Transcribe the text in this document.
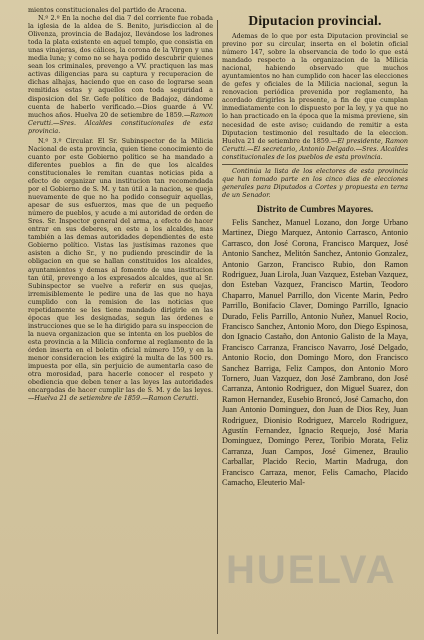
mientos constitucionales del partido de Aracena.

N.º 2.º En la noche del dia 7 del corriente fue robada la iglesia de la aldea de S. Benito, jurisdiccion al de Olivenza, provincia de Badajoz, llevándose los ladrones toda la plata existente en aquel templo, que consistia en unas vinajeras, dos cálices, la corona de la Virgen y una media luna; y como no se haya podido descubrir quienes sean los criminales, prevengo a VV. practiquen las mas activas diligencias para su captura y recuperacion de dichas alhajas, haciendo que en caso de lograrse sean remitidas estas y aquellos con toda seguridad a disposicion del Sr. Gefe político de Badajoz, dándome cuenta de haberlo verificado.—Dios guarde á VV. muchos años. Huelva 20 de setiembre de 1859.—Ramon Cerutti.—Sres. Alcaldes constitucionales de esta provincia.

N.º 3.º Circular. El Sr. Subinspector de la Milicia Nacional de esta provincia, quien tiene conocimiento de cuanto por este Gobierno político se ha mandado a diferentes pueblos a fin de que los alcaldes constitucionales le remitan cuantas noticias pida a efecto de organizar una institucion tan recomendada por el Gobierno de S. M. y tan útil a la nacion, se queja nuevamente de que no ha podido conseguir aquellas, apesar de sus esfuerzos, mas que de un pequeño número de pueblos, y acude a mi autoridad de orden de Sres. Sr. Inspector general del arma, a efecto de hacer entrar en sus deberes, en este a los alcaldes, mas también a las demas autoridades dependientes de este Gobierno político. Vistas las justísimas razones que asisten a dicho Sr., y no pudiendo prescindir de la obligacion en que se hallan constituidos los alcaldes, ayuntamientos y demas al fomento de una institucion tan útil, prevengo a los expresados alcaldes, que al Sr. Subinspector se vuelve a referir en sus quejas, irremisiblemente le pedire una de las que no haya cumplido con la remision de las noticias que repetidamente se les tiene mandado dirigirle en las épocas que les designadas, segun las órdenes e instrucciones que se le ha dirigido para su inspeccion de la nueva organizacion que se intenta en los pueblos de esta provincia a la Milicia conforme al reglamento de la órden inserta en el boletin oficial número 159, y en la menor consideracion les exigiré la multa de las 500 rs. impuesta por ella, sin perjuicio de aumentarla caso de otra morosidad, para hacerle conocer el respeto y obediencia que deben tener a las leyes las autoridades encargadas de hacer cumplir las de S. M. y de las leyes.—Huelva 21 de setiembre de 1859.—Ramon Cerutti.

Diputacion provincial.

Ademas de lo que por esta Diputacion provincial se previno por su circular, inserta en el boletin oficial número 147, sobre la observancia de todo lo que está mandado respecto a la organizacion de la Milicia nacional, habiendo observado que muchos ayuntamientos no han cumplido con hacer las elecciones de gefes y oficiales de la Milicia nacional, segun la renovacion periódica prevenida por reglamento, ha acordado dirigirles la presente, a fin de que cumplan inmediatamente con lo dispuesto por la ley, y ya que no lo han practicado en la época que la misma previene, sin necesidad de este aviso; cuidando de remitir a esta Diputacion testimonio del resultado de la eleccion. Huelva 21 de setiembre de 1859.—El presidente, Ramon Cerutti.—El secretario, Antonio Delgado.—Sres. Alcaldes constitucionales de los pueblos de esta provincia.

Continúa la lista de los electores de esta provincia que han tomado parte en los cinco dias de elecciones generales para Diputados a Cortes y propuesta en terna de un Senador.

Distrito de Cumbres Mayores.

Felis Sanchez, Manuel Lozano, don Jorge Urbano Martinez, Diego Marquez, Antonio Carrasco, Antonio Carrasco, don José Corona, Francisco Marquez, José Antonio Sanchez, Melitón Sanchez, Antonio Gonzalez, Antonio Garzon, Francisco Rubio, don Ramon Rodriguez, Juan Lirola, Juan Vazquez, Esteban Vazquez, don Esteban Vazquez, Francisco Martin, Teodoro Chaparro, Manuel Parrillo, don Vicente Marin, Pedro Parrillo, Bonifacio Claver, Domingo Parrillo, Ignacio Durado, Felis Parrillo, Antonio Nuñez, Manuel Rocio, Francisco Sanchez, Antonio Moro, don Diego Espinosa, don Ignacio Castaño, don Antonio Galisto de la Maya, Francisco Carranza, Francisco Navarro, José Delgado, Antonio Rocio, don Domingo Moro, don Francisco Sanchez Barriga, Feliz Campos, don Antonio Moro Tornero, Juan Vazquez, don José Zambrano, don José Carranza, Antonio Rodriguez, don Miguel Suarez, don Ramon Hernandez, Eusebio Broncó, José Camacho, don Juan Antonio Dominguez, don Juan de Dios Rey, Juan Rodriguez, Dionisio Rodriguez, Marcelo Rodriguez, Agustín Fernandez, Ignacio Requejo, José Maria Dominguez, Domingo Perez, Toribio Morata, Feliz Carranza, Juan Campos, José Gimenez, Braulio Carballar, Placido Recio, Martin Madruga, don Francisco Carraza, menor, Felis Camacho, Placido Camacho, Eleuterio Mal-

HUELVA
